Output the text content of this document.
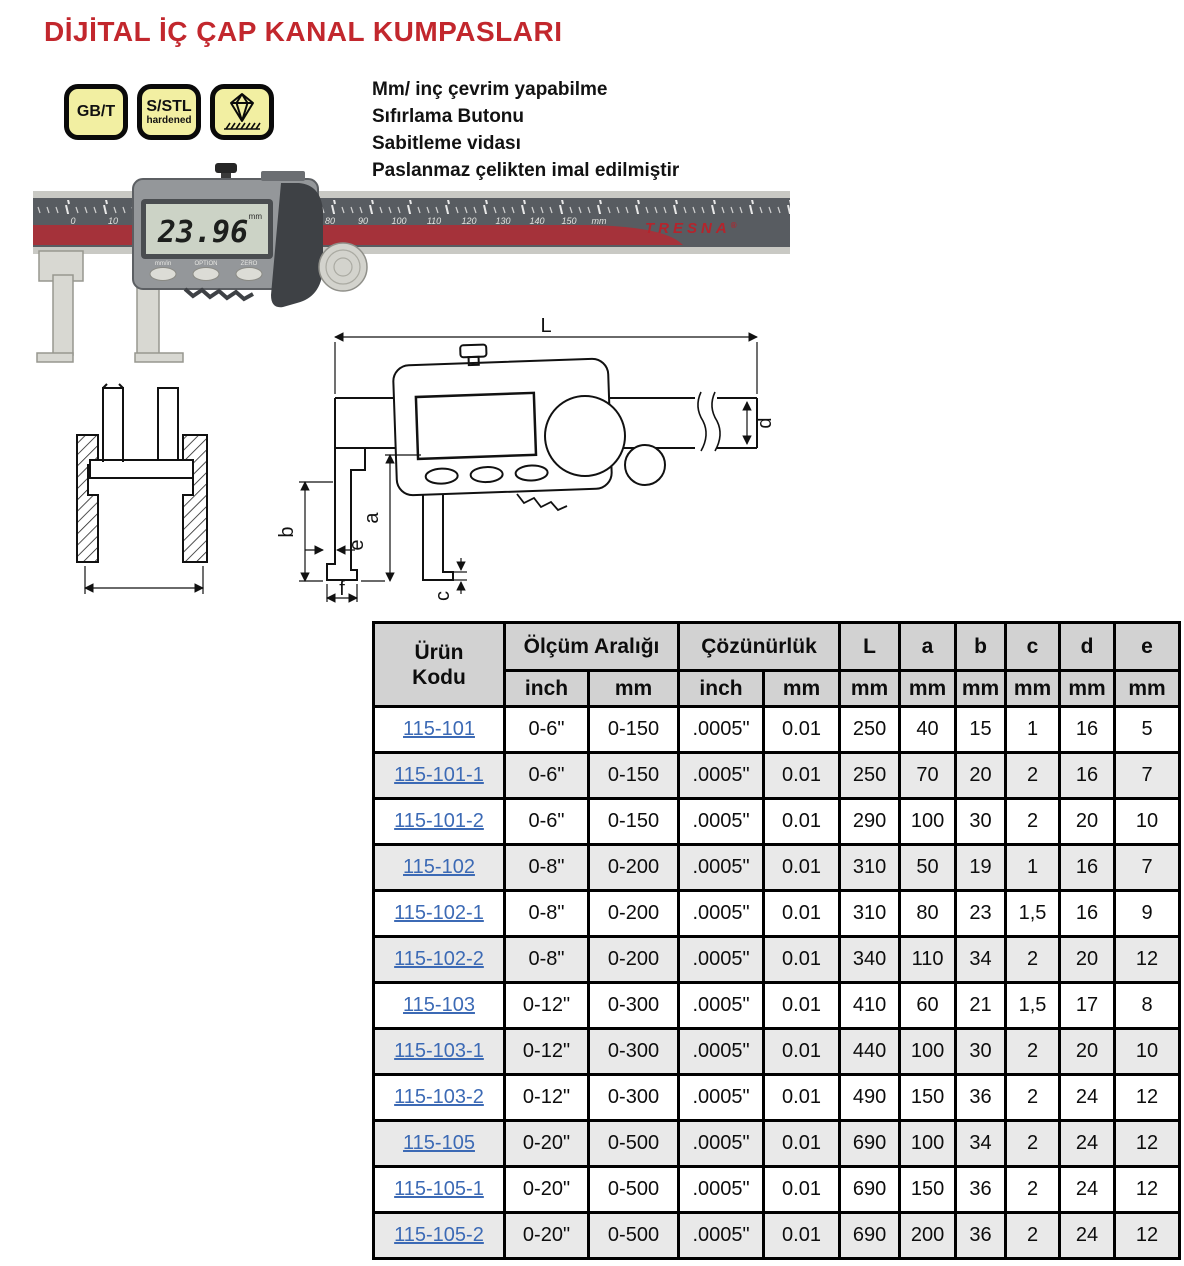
DİJİTAL İÇ ÇAP KANAL KUMPASLARI
GB/T S/STL
hardened
Mm/ inç çevrim yapabilme
Sıfırlama Butonu
Sabitleme vidası
Paslanmaz çelikten imal edilmiştir
0	10	80	90	100 110 120 130 140 150 mm	TRESNA®
23.96 mm
mm/in	OPTION	ZERO
L
d
b
a
e
f	c
Ürün
Kodu	Ölçüm Aralığı		Çözünürlük		L	a	b	c	d	e
	inch	mm	inch	mm	mm	mm	mm	mm	mm	mm
115-101	0-6"	0-150	.0005"	0.01	250	40	15	1	16	5
115-101-1	0-6"	0-150	.0005"	0.01	250	70	20	2	16	7
115-101-2	0-6"	0-150	.0005"	0.01	290	100	30	2	20	10
115-102	0-8"	0-200	.0005"	0.01	310	50	19	1	16	7
115-102-1	0-8"	0-200	.0005"	0.01	310	80	23	1,5	16	9
115-102-2	0-8"	0-200	.0005"	0.01	340	110	34	2	20	12
115-103	0-12"	0-300	.0005"	0.01	410	60	21	1,5	17	8
115-103-1	0-12"	0-300	.0005"	0.01	440	100	30	2	20	10
115-103-2	0-12"	0-300	.0005"	0.01	490	150	36	2	24	12
115-105	0-20"	0-500	.0005"	0.01	690	100	34	2	24	12
115-105-1	0-20"	0-500	.0005"	0.01	690	150	36	2	24	12
115-105-2	0-20"	0-500	.0005"	0.01	690	200	36	2	24	12
